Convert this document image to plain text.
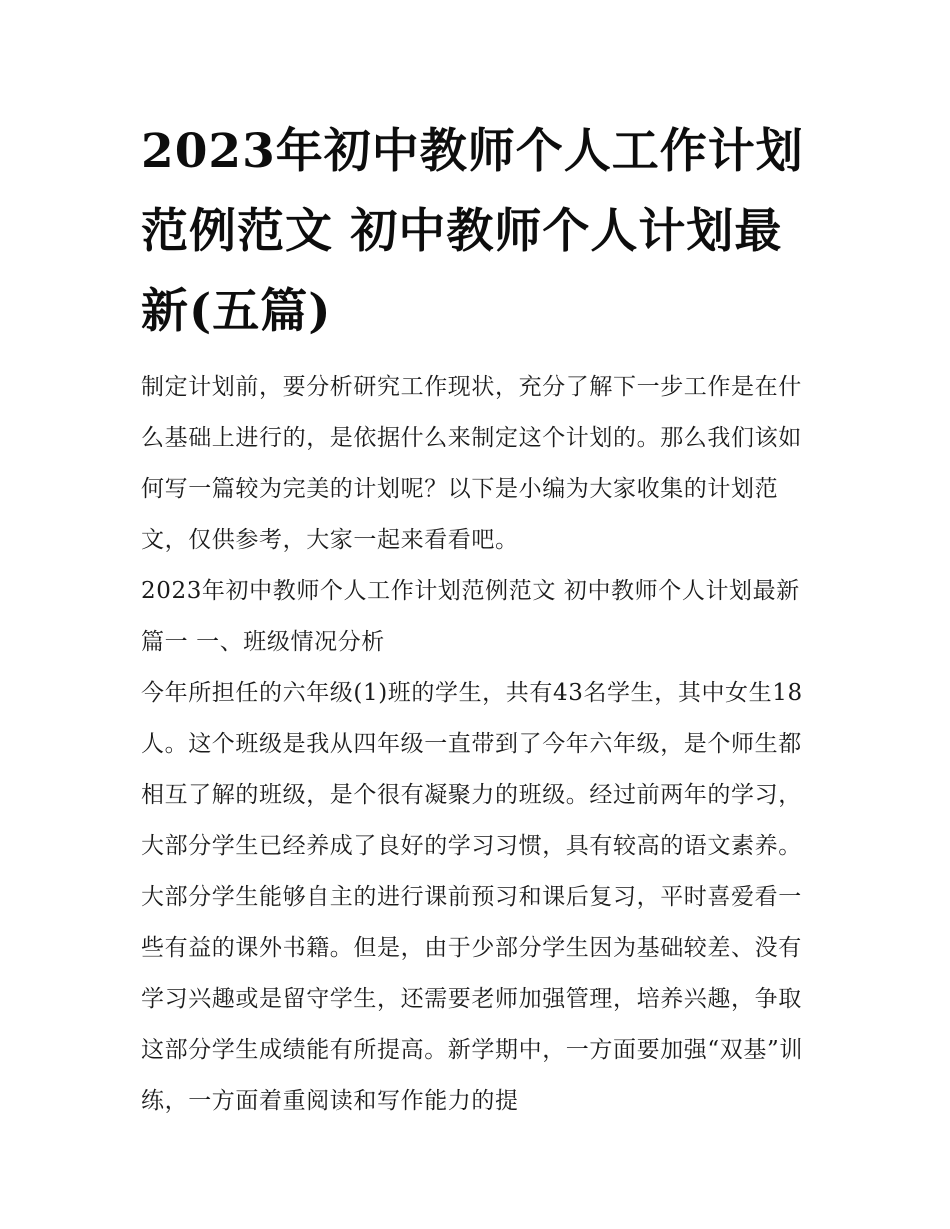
2023年初中教师个人工作计划范例范文 初中教师个人计划最新(五篇)

制定计划前，要分析研究工作现状，充分了解下一步工作是在什么基础上进行的，是依据什么来制定这个计划的。那么我们该如何写一篇较为完美的计划呢？以下是小编为大家收集的计划范文，仅供参考，大家一起来看看吧。

2023年初中教师个人工作计划范例范文 初中教师个人计划最新篇一 一、班级情况分析

今年所担任的六年级(1)班的学生，共有43名学生，其中女生18人。这个班级是我从四年级一直带到了今年六年级，是个师生都相互了解的班级，是个很有凝聚力的班级。经过前两年的学习，大部分学生已经养成了良好的学习习惯，具有较高的语文素养。大部分学生能够自主的进行课前预习和课后复习，平时喜爱看一些有益的课外书籍。但是，由于少部分学生因为基础较差、没有学习兴趣或是留守学生，还需要老师加强管理，培养兴趣，争取这部分学生成绩能有所提高。新学期中，一方面要加强“双基”训练，一方面着重阅读和写作能力的提
